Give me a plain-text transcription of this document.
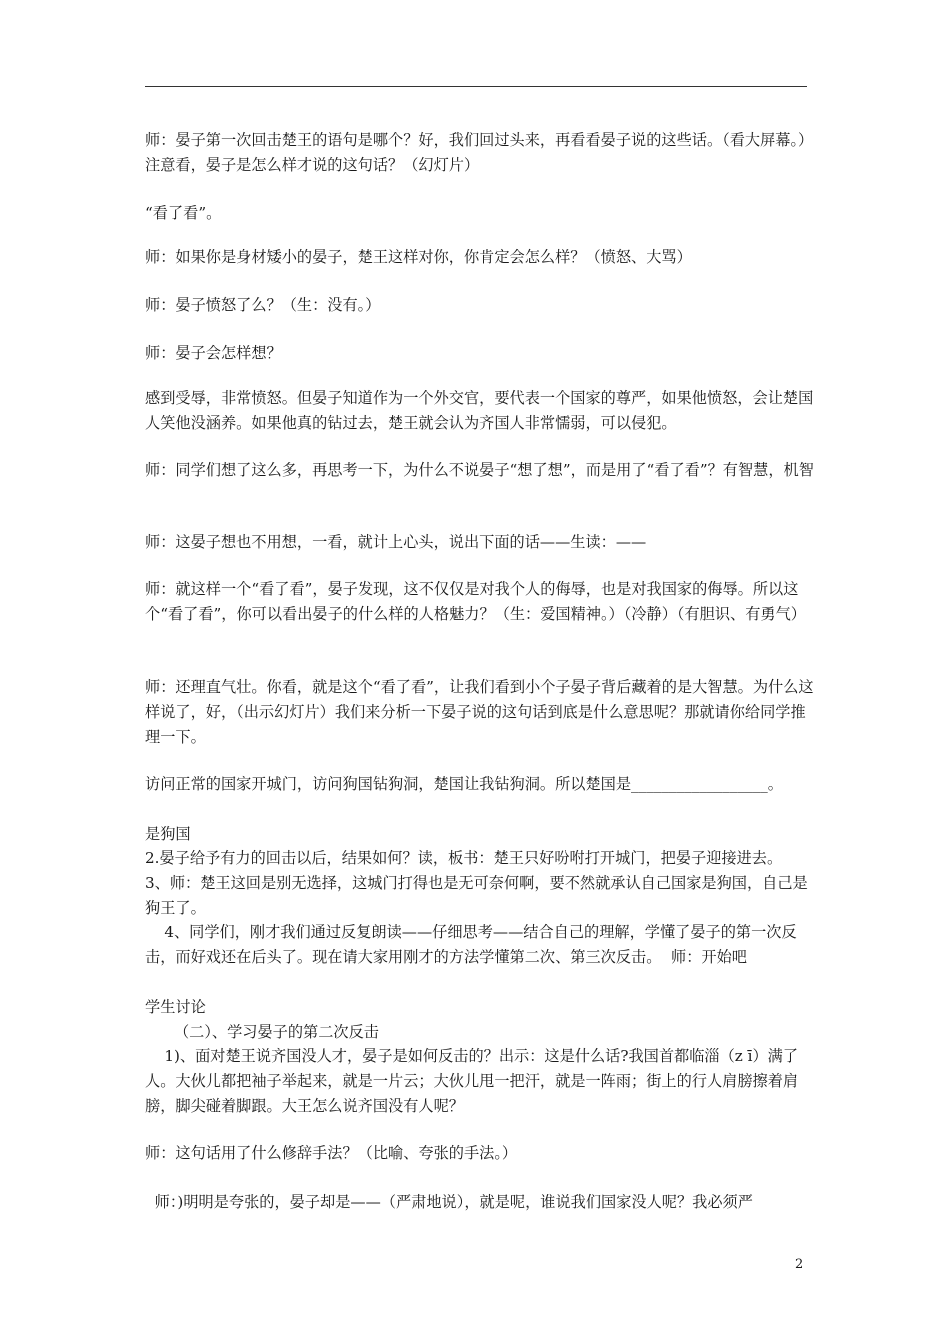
师：晏子第一次回击楚王的语句是哪个？好，我们回过头来，再看看晏子说的这些话。（看大屏幕。）注意看，晏子是怎么样才说的这句话？（幻灯片）

“看了看”。

师：如果你是身材矮小的晏子，楚王这样对你，你肯定会怎么样？（愤怒、大骂）

师：晏子愤怒了么？（生：没有。）

师：晏子会怎样想？

感到受辱，非常愤怒。但晏子知道作为一个外交官，要代表一个国家的尊严，如果他愤怒，会让楚国人笑他没涵养。如果他真的钻过去，楚王就会认为齐国人非常懦弱，可以侵犯。

师：同学们想了这么多，再思考一下，为什么不说晏子“想了想”，而是用了“看了看”？有智慧，机智

师：这晏子想也不用想，一看，就计上心头，说出下面的话——生读：——

师：就这样一个“看了看”，晏子发现，这不仅仅是对我个人的侮辱，也是对我国家的侮辱。所以这个“看了看”，你可以看出晏子的什么样的人格魅力？（生：爱国精神。）（冷静）（有胆识、有勇气）

师：还理直气壮。你看，就是这个“看了看”，让我们看到小个子晏子背后藏着的是大智慧。为什么这样说了，好，（出示幻灯片）我们来分析一下晏子说的这句话到底是什么意思呢？那就请你给同学推理一下。

访问正常的国家开城门，访问狗国钻狗洞，楚国让我钻狗洞。所以楚国是__________________。

是狗国

2.晏子给予有力的回击以后，结果如何？读，板书：楚王只好吩咐打开城门，把晏子迎接进去。

3、师：楚王这回是别无选择，这城门打得也是无可奈何啊，要不然就承认自己国家是狗国，自己是狗王了。

4、同学们，刚才我们通过反复朗读——仔细思考——结合自己的理解，学懂了晏子的第一次反击，而好戏还在后头了。现在请大家用刚才的方法学懂第二次、第三次反击。  师：开始吧

学生讨论

（二）、学习晏子的第二次反击

1)、面对楚王说齐国没人才，晏子是如何反击的？出示：这是什么话?我国首都临淄（z ī）满了人。大伙儿都把袖子举起来，就是一片云；大伙儿甩一把汗，就是一阵雨；街上的行人肩膀擦着肩膀，脚尖碰着脚跟。大王怎么说齐国没有人呢？

师：这句话用了什么修辞手法？（比喻、夸张的手法。）

师：)明明是夸张的，晏子却是——（严肃地说），就是呢，谁说我们国家没人呢？我必须严

2
